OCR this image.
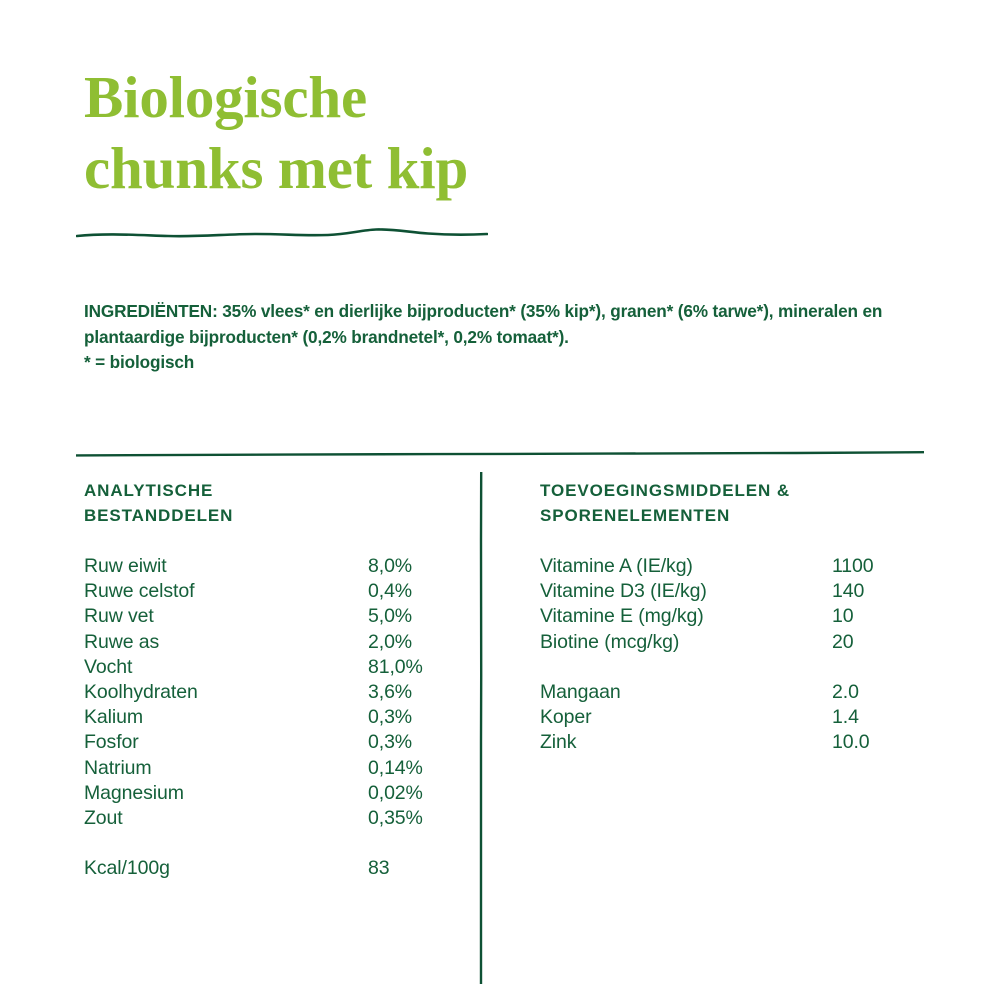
Biologische
chunks met kip
INGREDIËNTEN: 35% vlees* en dierlijke bijproducten* (35% kip*), granen* (6% tarwe*), mineralen en plantaardige bijproducten* (0,2% brandnetel*, 0,2% tomaat*).
* = biologisch
ANALYTISCHE
BESTANDDELEN
Ruw eiwit	8,0%
Ruwe celstof	0,4%
Ruw vet	5,0%
Ruwe as	2,0%
Vocht	81,0%
Koolhydraten	3,6%
Kalium	0,3%
Fosfor	0,3%
Natrium	0,14%
Magnesium	0,02%
Zout	0,35%
Kcal/100g	83
TOEVOEGINGSMIDDELEN &
SPORENELEMENTEN
Vitamine A (IE/kg)	1100
Vitamine D3 (IE/kg)	140
Vitamine E (mg/kg)	10
Biotine (mcg/kg)	20
Mangaan	2.0
Koper	1.4
Zink	10.0
